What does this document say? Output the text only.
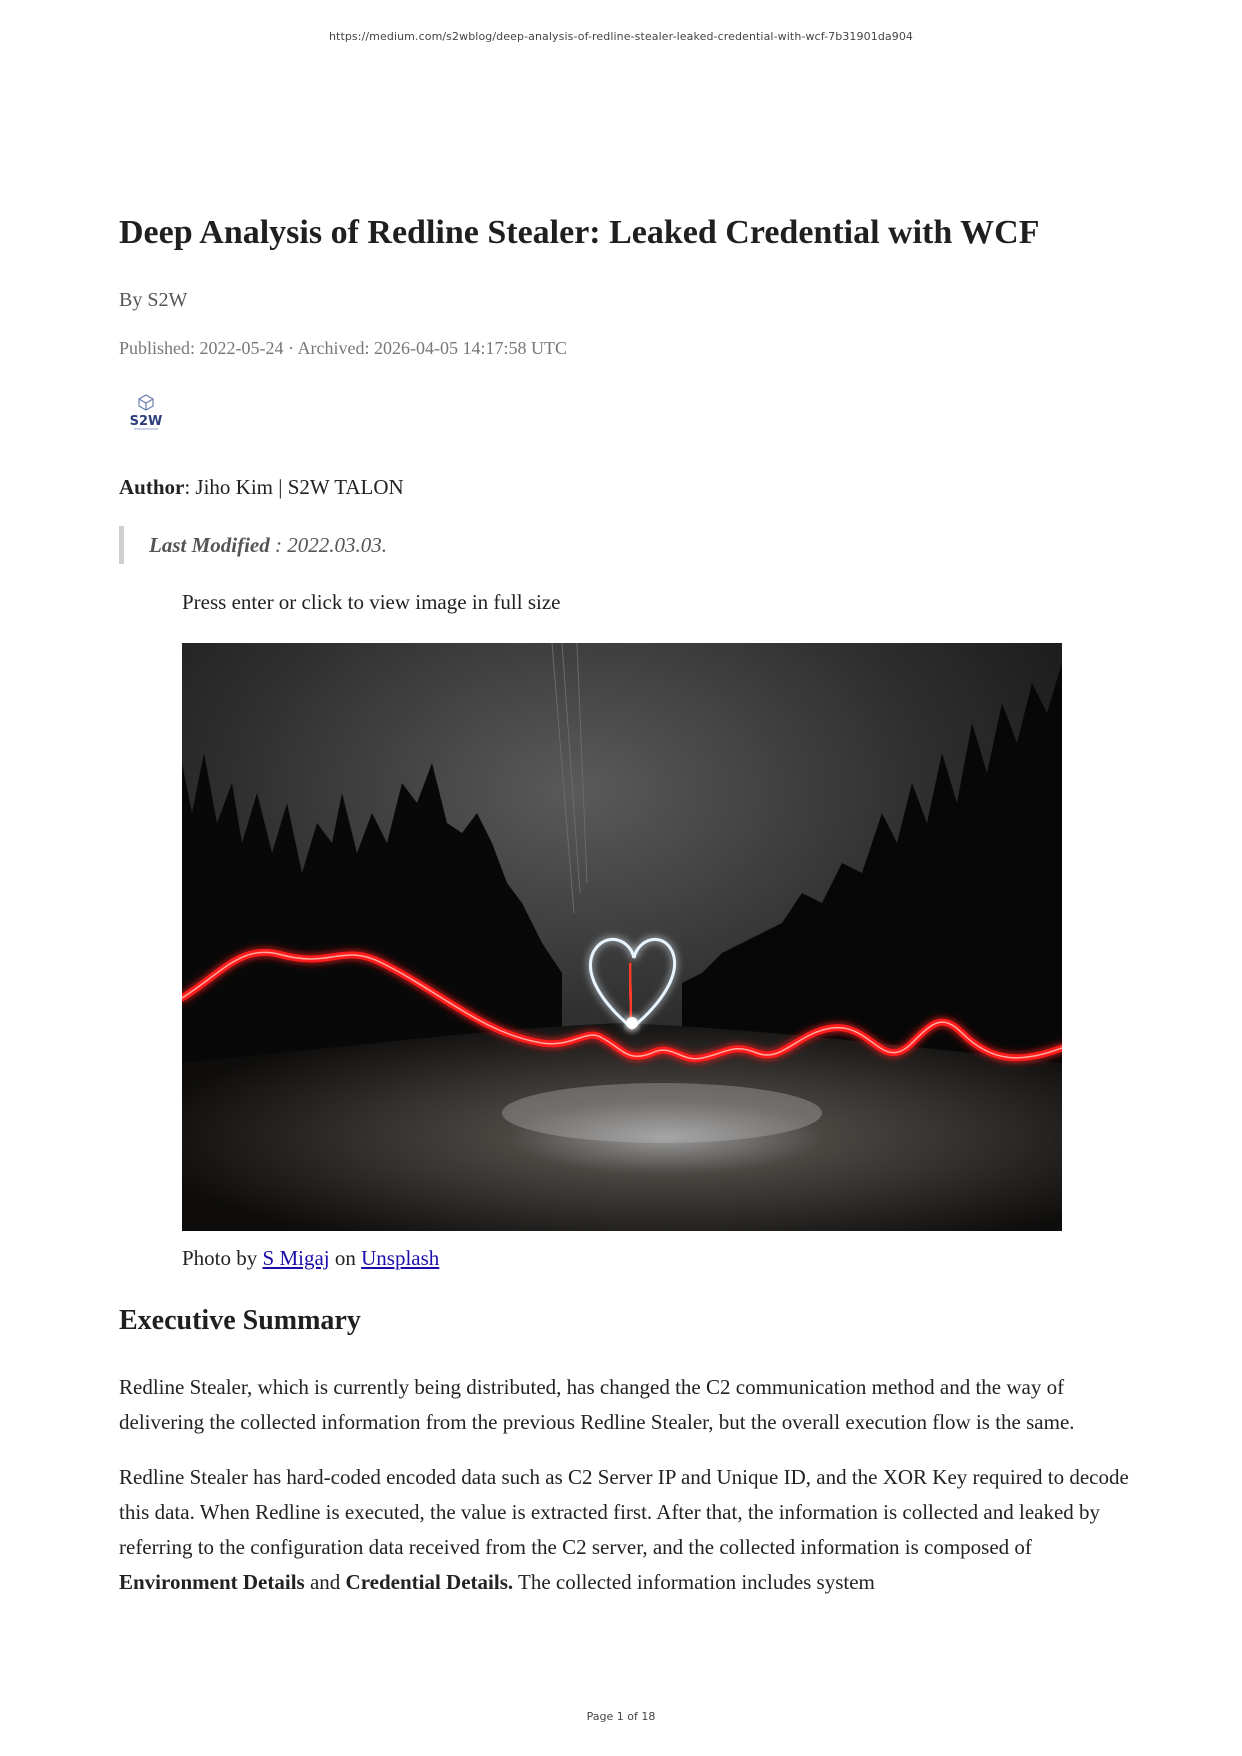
https://medium.com/s2wblog/deep-analysis-of-redline-stealer-leaked-credential-with-wcf-7b31901da904
Deep Analysis of Redline Stealer: Leaked Credential with WCF
By S2W
Published: 2022-05-24 · Archived: 2026-04-05 14:17:58 UTC
S2W
Author: Jiho Kim | S2W TALON
Last Modified : 2022.03.03.
Press enter or click to view image in full size
Photo by S Migaj on Unsplash
Executive Summary

Redline Stealer, which is currently being distributed, has changed the C2 communication method and the way of delivering the collected information from the previous Redline Stealer, but the overall execution flow is the same.

Redline Stealer has hard-coded encoded data such as C2 Server IP and Unique ID, and the XOR Key required to decode this data. When Redline is executed, the value is extracted first. After that, the information is collected and leaked by referring to the configuration data received from the C2 server, and the collected information is composed of Environment Details and Credential Details. The collected information includes system

Page 1 of 18
